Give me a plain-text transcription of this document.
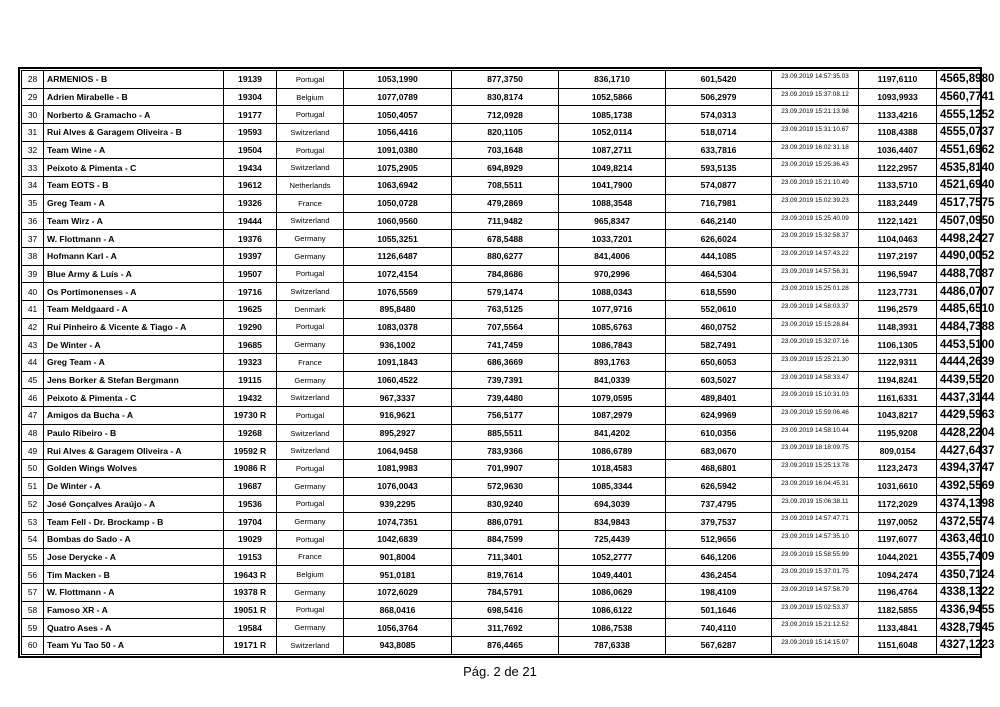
28	ARMENIOS - B	19139	Portugal	1053,1990	877,3750	836,1710	601,5420	23.09.2019 14:57:35.03	1197,6110	4565,8980
29	Adrien Mirabelle - B	19304	Belgium	1077,0789	830,8174	1052,5866	506,2979	23.09.2019 15:37:08.12	1093,9933	4560,7741
30	Norberto & Gramacho - A	19177	Portugal	1050,4057	712,0928	1085,1738	574,0313	23.09.2019 15:21:13.98	1133,4216	4555,1252
31	Rui Alves & Garagem Oliveira - B	19593	Switzerland	1056,4416	820,1105	1052,0114	518,0714	23.09.2019 15:31:10.67	1108,4388	4555,0737
32	Team Wine - A	19504	Portugal	1091,0380	703,1648	1087,2711	633,7816	23.09.2019 16:02:31.18	1036,4407	4551,6962
33	Peixoto & Pimenta - C	19434	Switzerland	1075,2905	694,8929	1049,8214	593,5135	23.09.2019 15:25:36.43	1122,2957	4535,8140
34	Team EOTS - B	19612	Netherlands	1063,6942	708,5511	1041,7900	574,0877	23.09.2019 15:21:10.49	1133,5710	4521,6940
35	Greg Team - A	19326	France	1050,0728	479,2869	1088,3548	716,7981	23.09.2019 15:02:39.23	1183,2449	4517,7575
36	Team Wirz - A	19444	Switzerland	1060,9560	711,9482	965,8347	646,2140	23.09.2019 15:25:40.09	1122,1421	4507,0950
37	W. Flottmann - A	19376	Germany	1055,3251	678,5488	1033,7201	626,6024	23.09.2019 15:32:58.37	1104,0463	4498,2427
38	Hofmann Karl - A	19397	Germany	1126,6487	880,6277	841,4006	444,1085	23.09.2019 14:57:43.22	1197,2197	4490,0052
39	Blue Army & Luís - A	19507	Portugal	1072,4154	784,8686	970,2996	464,5304	23.09.2019 14:57:56.31	1196,5947	4488,7087
40	Os Portimonenses - A	19716	Switzerland	1076,5569	579,1474	1088,0343	618,5590	23.09.2019 15:25:01.28	1123,7731	4486,0707
41	Team Meldgaard - A	19625	Denmark	895,8480	763,5125	1077,9716	552,0610	23.09.2019 14:58:03.37	1196,2579	4485,6510
42	Rui Pinheiro & Vicente & Tiago - A	19290	Portugal	1083,0378	707,5564	1085,6763	460,0752	23.09.2019 15:15:28.84	1148,3931	4484,7388
43	De Winter - A	19685	Germany	936,1002	741,7459	1086,7843	582,7491	23.09.2019 15:32:07.16	1106,1305	4453,5100
44	Greg Team - A	19323	France	1091,1843	686,3669	893,1763	650,6053	23.09.2019 15:25:21.30	1122,9311	4444,2639
45	Jens Borker & Stefan Bergmann	19115	Germany	1060,4522	739,7391	841,0339	603,5027	23.09.2019 14:58:33.47	1194,8241	4439,5520
46	Peixoto & Pimenta - C	19432	Switzerland	967,3337	739,4480	1079,0595	489,8401	23.09.2019 15:10:31.03	1161,6331	4437,3144
47	Amigos da Bucha - A	19730 R	Portugal	916,9621	756,5177	1087,2979	624,9969	23.09.2019 15:59:06.46	1043,8217	4429,5963
48	Paulo Ribeiro - B	19268	Switzerland	895,2927	885,5511	841,4202	610,0356	23.09.2019 14:58:10.44	1195,9208	4428,2204
49	Rui Alves & Garagem Oliveira - A	19592 R	Switzerland	1064,9458	783,9366	1086,6789	683,0670	23.09.2019 18:18:09.75	809,0154	4427,6437
50	Golden Wings Wolves	19086 R	Portugal	1081,9983	701,9907	1018,4583	468,6801	23.09.2019 15:25:13.78	1123,2473	4394,3747
51	De Winter - A	19687	Germany	1076,0043	572,9630	1085,3344	626,5942	23.09.2019 16:04:45.31	1031,6610	4392,5569
52	José Gonçalves Araújo - A	19536	Portugal	939,2295	830,9240	694,3039	737,4795	23.09.2019 15:06:38.11	1172,2029	4374,1398
53	Team Fell - Dr. Brockamp - B	19704	Germany	1074,7351	886,0791	834,9843	379,7537	23.09.2019 14:57:47.71	1197,0052	4372,5574
54	Bombas do Sado - A	19029	Portugal	1042,6839	884,7599	725,4439	512,9656	23.09.2019 14:57:35.10	1197,6077	4363,4610
55	Jose Derycke - A	19153	France	901,8004	711,3401	1052,2777	646,1206	23.09.2019 15:58:55.99	1044,2021	4355,7409
56	Tim Macken - B	19643 R	Belgium	951,0181	819,7614	1049,4401	436,2454	23.09.2019 15:37:01.75	1094,2474	4350,7124
57	W. Flottmann - A	19378 R	Germany	1072,6029	784,5791	1086,0629	198,4109	23.09.2019 14:57:58.79	1196,4764	4338,1322
58	Famoso XR - A	19051 R	Portugal	868,0416	698,5416	1086,6122	501,1646	23.09.2019 15:02:53.37	1182,5855	4336,9455
59	Quatro Ases - A	19584	Germany	1056,3764	311,7692	1086,7538	740,4110	23.09.2019 15:21:12.52	1133,4841	4328,7945
60	Team Yu Tao 50 - A	19171 R	Switzerland	943,8085	876,4465	787,6338	567,6287	23.09.2019 15:14:15.97	1151,6048	4327,1223
Pág. 2 de 21
